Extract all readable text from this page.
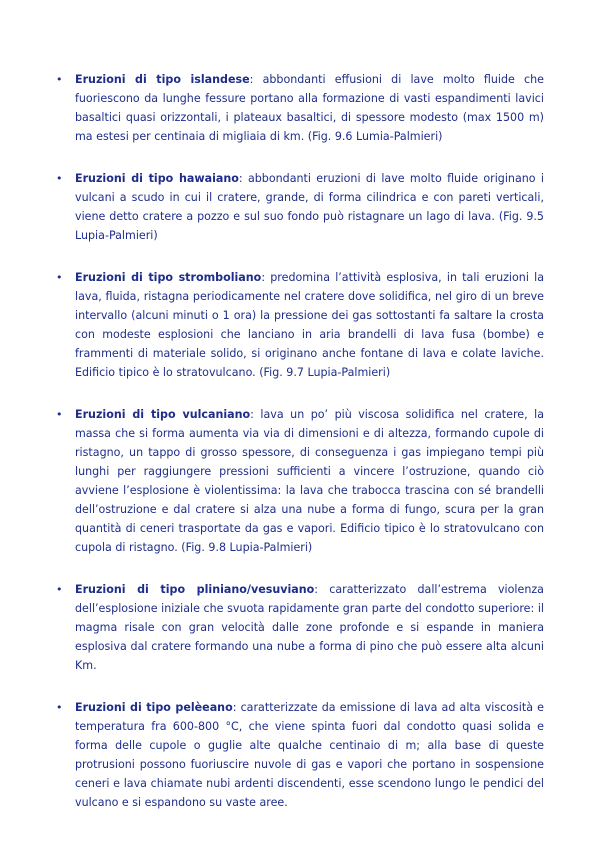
• Eruzioni di tipo islandese: abbondanti effusioni di lave molto fluide che fuoriescono da lunghe fessure portano alla formazione di vasti espandimenti lavici basaltici quasi orizzontali, i plateaux basaltici, di spessore modesto (max 1500 m) ma estesi per centinaia di migliaia di km. (Fig. 9.6 Lumia-Palmieri)
• Eruzioni di tipo hawaiano: abbondanti eruzioni di lave molto fluide originano i vulcani a scudo in cui il cratere, grande, di forma cilindrica e con pareti verticali, viene detto cratere a pozzo e sul suo fondo può ristagnare un lago di lava. (Fig. 9.5 Lupia-Palmieri)
• Eruzioni di tipo stromboliano: predomina l’attività esplosiva, in tali eruzioni la lava, fluida, ristagna periodicamente nel cratere dove solidifica, nel giro di un breve intervallo (alcuni minuti o 1 ora) la pressione dei gas sottostanti fa saltare la crosta con modeste esplosioni che lanciano in aria brandelli di lava fusa (bombe) e frammenti di materiale solido, si originano anche fontane di lava e colate laviche. Edificio tipico è lo stratovulcano. (Fig. 9.7 Lupia-Palmieri)
• Eruzioni di tipo vulcaniano: lava un po’ più viscosa solidifica nel cratere, la massa che si forma aumenta via via di dimensioni e di altezza, formando cupole di ristagno, un tappo di grosso spessore, di conseguenza i gas impiegano tempi più lunghi per raggiungere pressioni sufficienti a vincere l’ostruzione, quando ciò avviene l’esplosione è violentissima: la lava che trabocca trascina con sé brandelli dell’ostruzione e dal cratere si alza una nube a forma di fungo, scura per la gran quantità di ceneri trasportate da gas e vapori. Edificio tipico è lo stratovulcano con cupola di ristagno. (Fig. 9.8 Lupia-Palmieri)
• Eruzioni di tipo pliniano/vesuviano: caratterizzato dall’estrema violenza dell’esplosione iniziale che svuota rapidamente gran parte del condotto superiore: il magma risale con gran velocità dalle zone profonde e si espande in maniera esplosiva dal cratere formando una nube a forma di pino che può essere alta alcuni Km.
• Eruzioni di tipo pelèeano: caratterizzate da emissione di lava ad alta viscosità e temperatura fra 600-800 °C, che viene spinta fuori dal condotto quasi solida e forma delle cupole o guglie alte qualche centinaio di m; alla base di queste protrusioni possono fuoriuscire nuvole di gas e vapori che portano in sospensione ceneri e lava chiamate nubi ardenti discendenti, esse scendono lungo le pendici del vulcano e si espandono su vaste aree.
